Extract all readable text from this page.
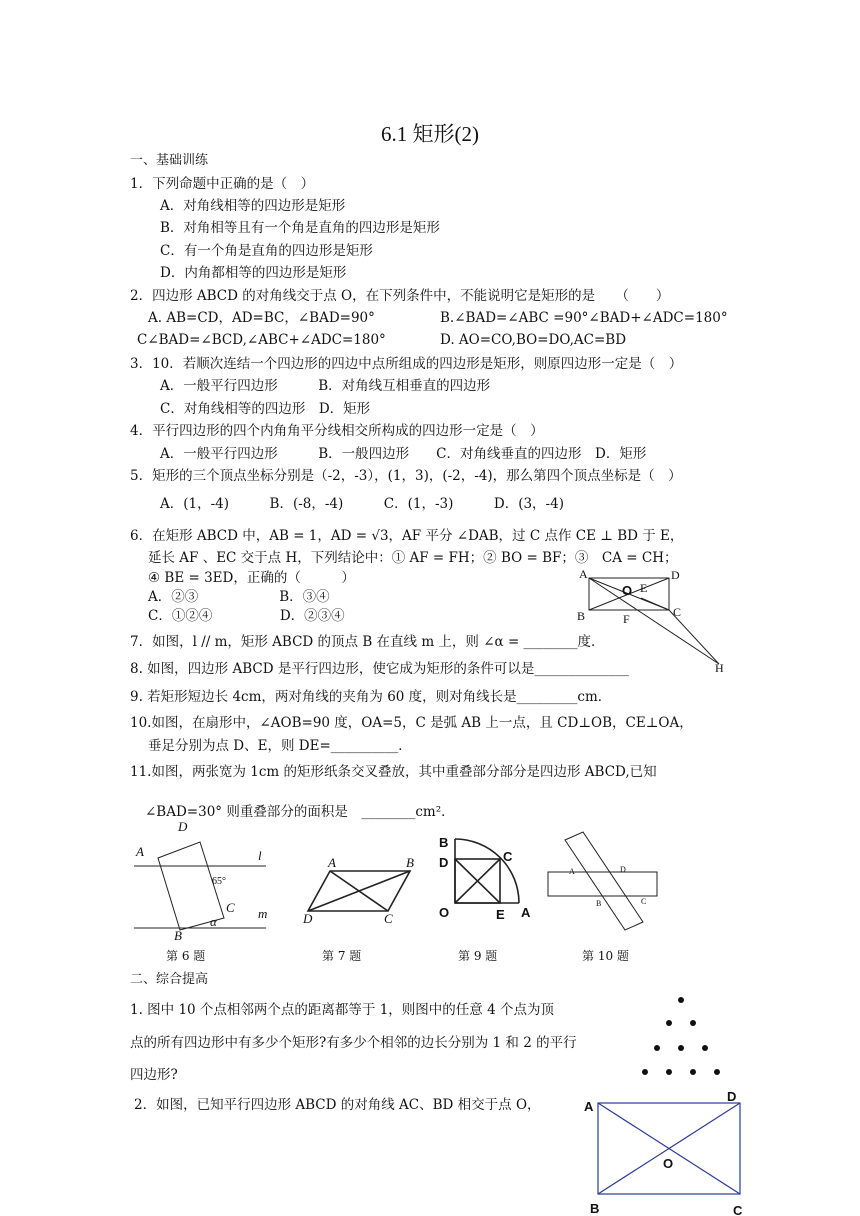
6.1 矩形(2)
一、基础训练
1．下列命题中正确的是（　）
A．对角线相等的四边形是矩形
B．对角相等且有一个角是直角的四边形是矩形
C．有一个角是直角的四边形是矩形
D．内角都相等的四边形是矩形
2．四边形 ABCD 的对角线交于点 O，在下列条件中，不能说明它是矩形的是　　（　　）
A. AB=CD，AD=BC，∠BAD=90°	B.∠BAD=∠ABC =90°∠BAD+∠ADC=180°
C∠BAD=∠BCD,∠ABC+∠ADC=180°	D. AO=CO,BO=DO,AC=BD
3．10．若顺次连结一个四边形的四边中点所组成的四边形是矩形，则原四边形一定是（　）
A．一般平行四边形　　　B．对角线互相垂直的四边形
C．对角线相等的四边形　D．矩形
4．平行四边形的四个内角角平分线相交所构成的四边形一定是（　）
A．一般平行四边形　　　B．一般四边形　　C．对角线垂直的四边形　D．矩形
5．矩形的三个顶点坐标分别是（-2，-3），(1，3)，(-2，-4)，那么第四个顶点坐标是（　）
A．(1，-4)　　　B．(-8，-4)　　　C．(1，-3)　　　D．(3，-4)
6．在矩形 ABCD 中，AB = 1，AD = √3，AF 平分 ∠DAB，过 C 点作 CE ⊥ BD 于 E，
延长 AF 、EC 交于点 H，下列结论中：① AF = FH；② BO = BF；③　CA = CH；
④ BE = 3ED，正确的（　　　）
A．②③　　　　　　B．③④
C．①②④　　　　　D．②③④
A	D
O E
B	F	C
H
7．如图，l // m，矩形 ABCD 的顶点 B 在直线 m 上，则 ∠α = ________度．
8. 如图，四边形 ABCD 是平行四边形，使它成为矩形的条件可以是______________
9. 若矩形短边长 4cm，两对角线的夹角为 60 度，则对角线长是_________cm．
10.如图，在扇形中，∠AOB=90 度，OA=5，C 是弧 AB 上一点，且 CD⊥OB，CE⊥OA，
垂足分别为点 D、E，则 DE=__________．
11.如图，两张宽为 1cm 的矩形纸条交叉叠放，其中重叠部分部分是四边形 ABCD,已知
∠BAD=30° 则重叠部分的面积是　________cm²．
D
A	l
65°
C
α
m
B
A	B
D	C
B
C
D
O	E A
A	D
B	C
第 6 题	第 7 题	第 9 题	第 10 题
二、综合提高
1. 图中 10 个点相邻两个点的距离都等于 1，则图中的任意 4 个点为顶
点的所有四边形中有多少个矩形?有多少个相邻的边长分别为 1 和 2 的平行
四边形?
2．如图，已知平行四边形 ABCD 的对角线 AC、BD 相交于点 O，	A
D
O
B	C
